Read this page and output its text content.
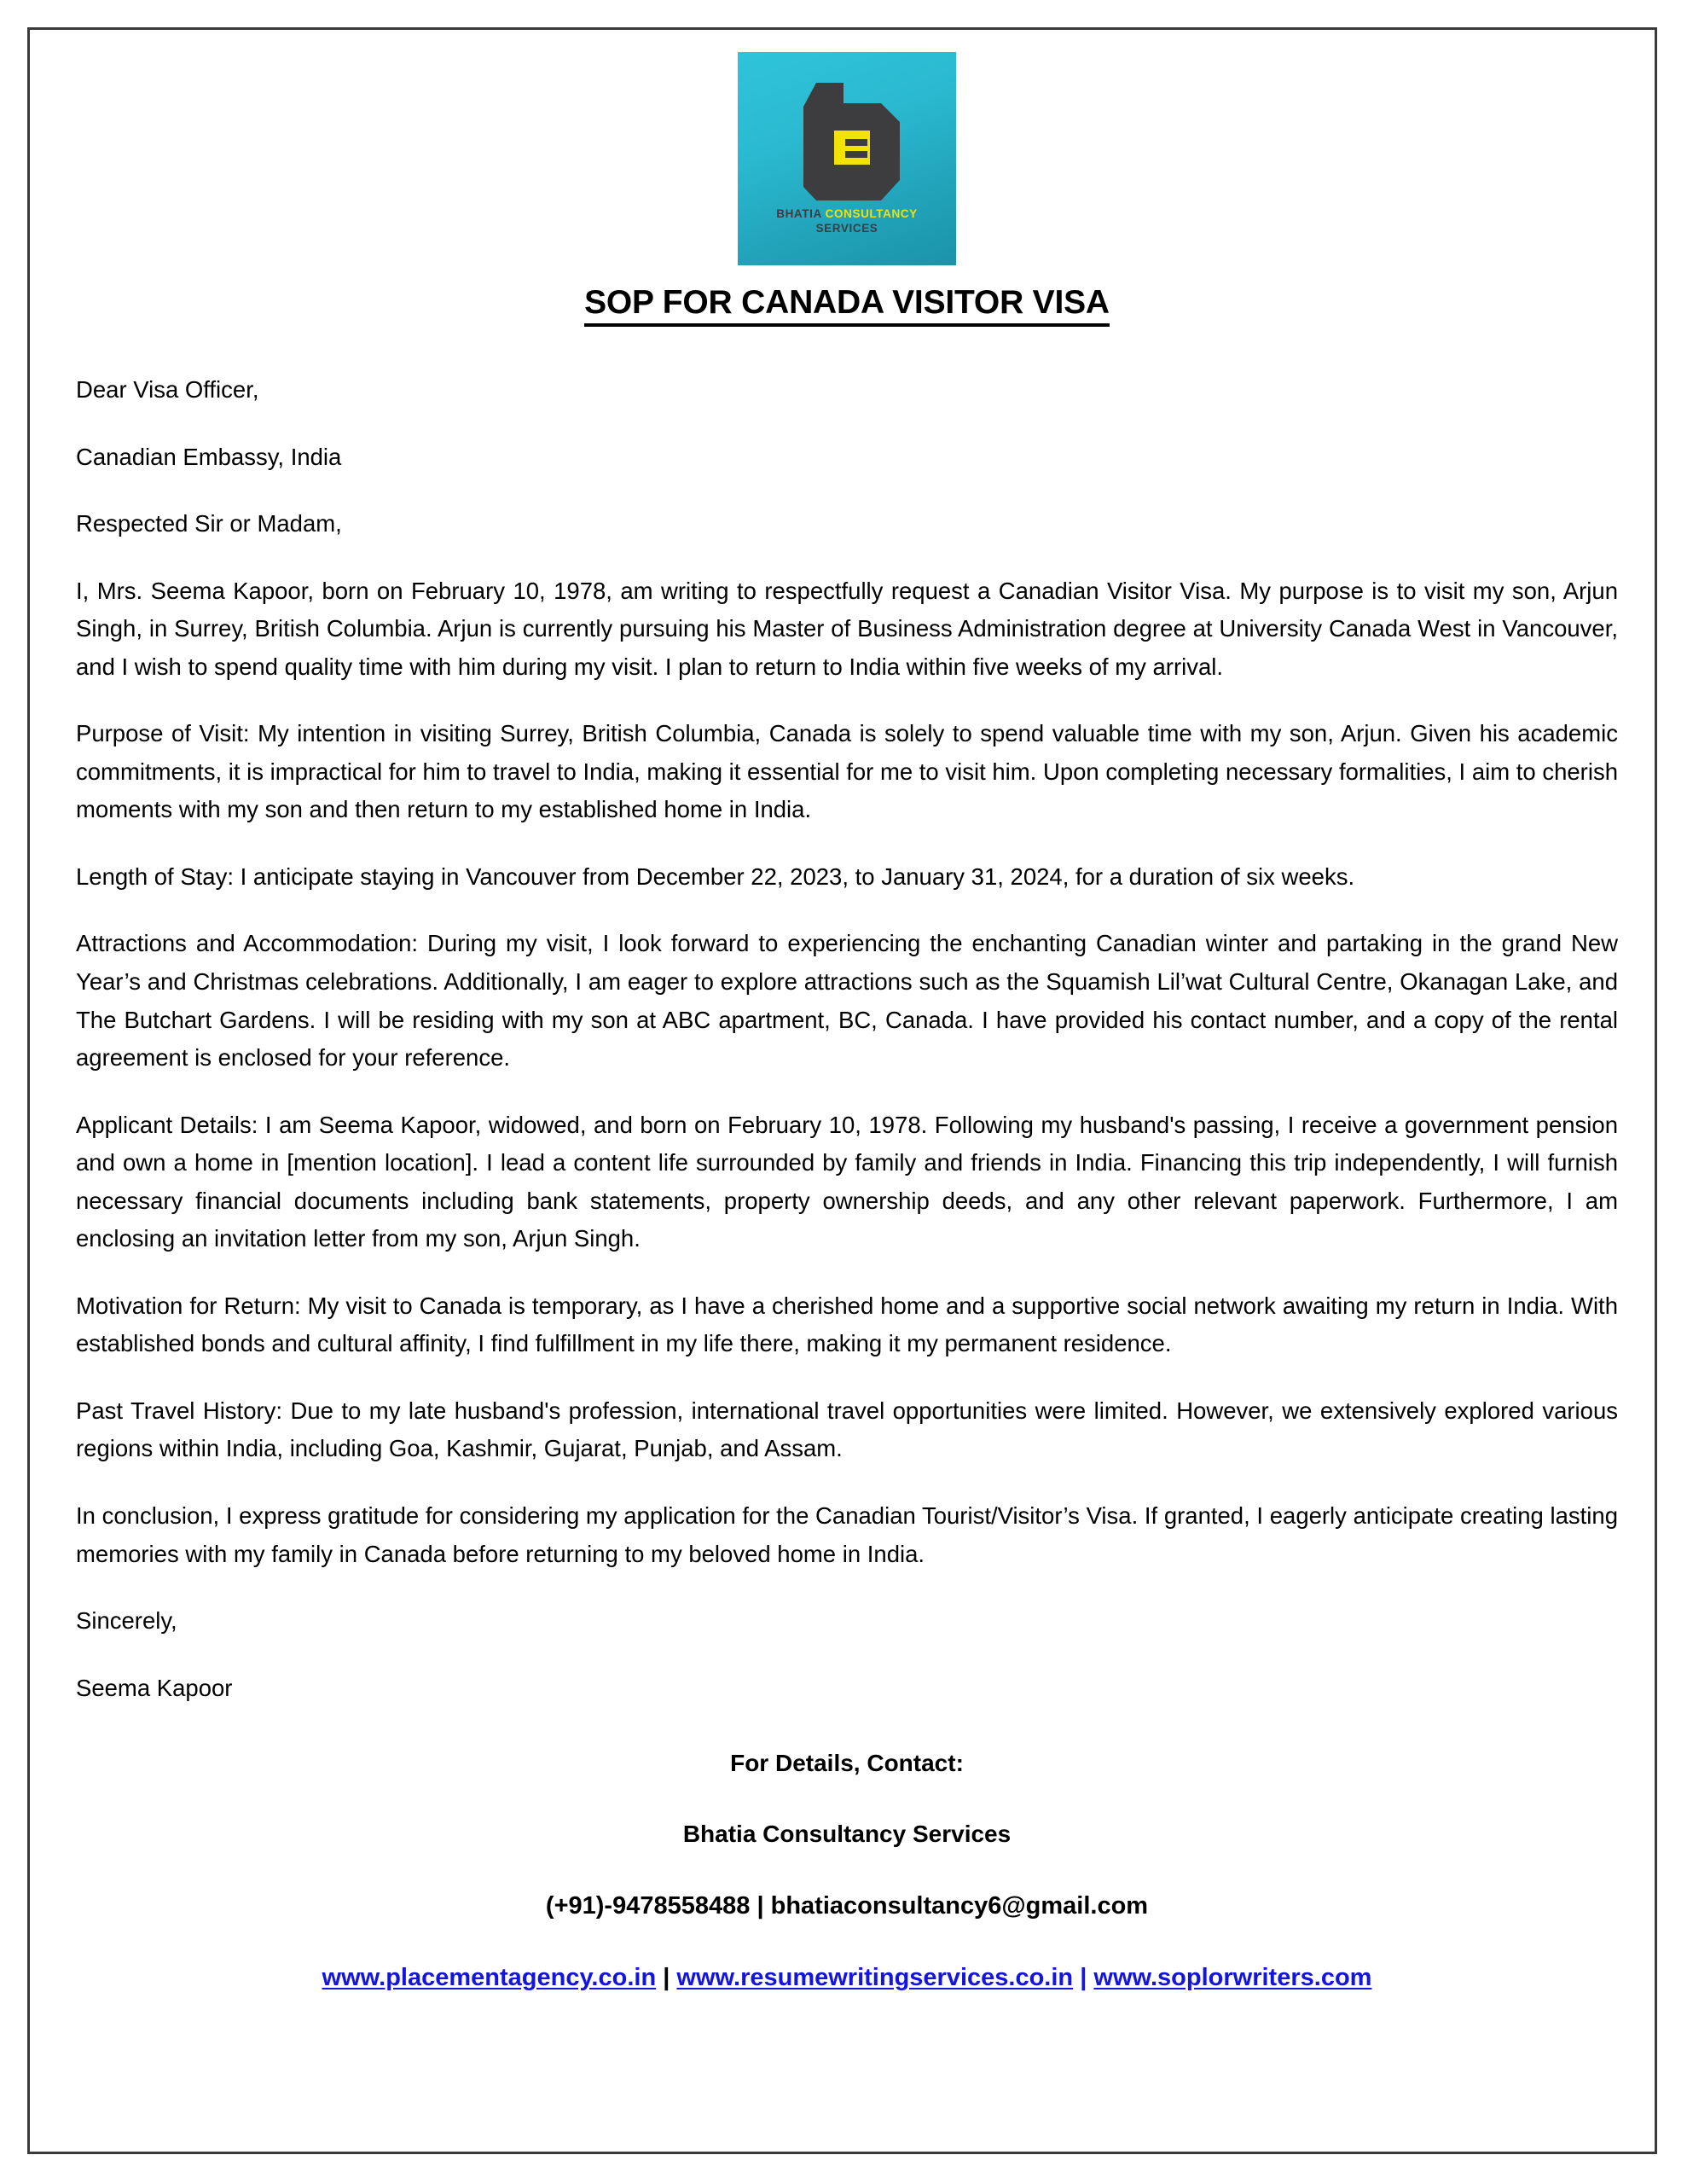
BHATIA CONSULTANCY
SERVICES
SOP FOR CANADA VISITOR VISA

Dear Visa Officer,

Canadian Embassy, India

Respected Sir or Madam,

I, Mrs. Seema Kapoor, born on February 10, 1978, am writing to respectfully request a Canadian Visitor Visa. My purpose is to visit my son, Arjun Singh, in Surrey, British Columbia. Arjun is currently pursuing his Master of Business Administration degree at University Canada West in Vancouver, and I wish to spend quality time with him during my visit. I plan to return to India within five weeks of my arrival.

Purpose of Visit: My intention in visiting Surrey, British Columbia, Canada is solely to spend valuable time with my son, Arjun. Given his academic commitments, it is impractical for him to travel to India, making it essential for me to visit him. Upon completing necessary formalities, I aim to cherish moments with my son and then return to my established home in India.

Length of Stay: I anticipate staying in Vancouver from December 22, 2023, to January 31, 2024, for a duration of six weeks.

Attractions and Accommodation: During my visit, I look forward to experiencing the enchanting Canadian winter and partaking in the grand New Year’s and Christmas celebrations. Additionally, I am eager to explore attractions such as the Squamish Lil’wat Cultural Centre, Okanagan Lake, and The Butchart Gardens. I will be residing with my son at ABC apartment, BC, Canada. I have provided his contact number, and a copy of the rental agreement is enclosed for your reference.

Applicant Details: I am Seema Kapoor, widowed, and born on February 10, 1978. Following my husband's passing, I receive a government pension and own a home in [mention location]. I lead a content life surrounded by family and friends in India. Financing this trip independently, I will furnish necessary financial documents including bank statements, property ownership deeds, and any other relevant paperwork. Furthermore, I am enclosing an invitation letter from my son, Arjun Singh.

Motivation for Return: My visit to Canada is temporary, as I have a cherished home and a supportive social network awaiting my return in India. With established bonds and cultural affinity, I find fulfillment in my life there, making it my permanent residence.

Past Travel History: Due to my late husband's profession, international travel opportunities were limited. However, we extensively explored various regions within India, including Goa, Kashmir, Gujarat, Punjab, and Assam.

In conclusion, I express gratitude for considering my application for the Canadian Tourist/Visitor’s Visa. If granted, I eagerly anticipate creating lasting memories with my family in Canada before returning to my beloved home in India.

Sincerely,

Seema Kapoor

For Details, Contact:

Bhatia Consultancy Services

(+91)-9478558488 | bhatiaconsultancy6@gmail.com

www.placementagency.co.in | www.resumewritingservices.co.in | www.soplorwriters.com
